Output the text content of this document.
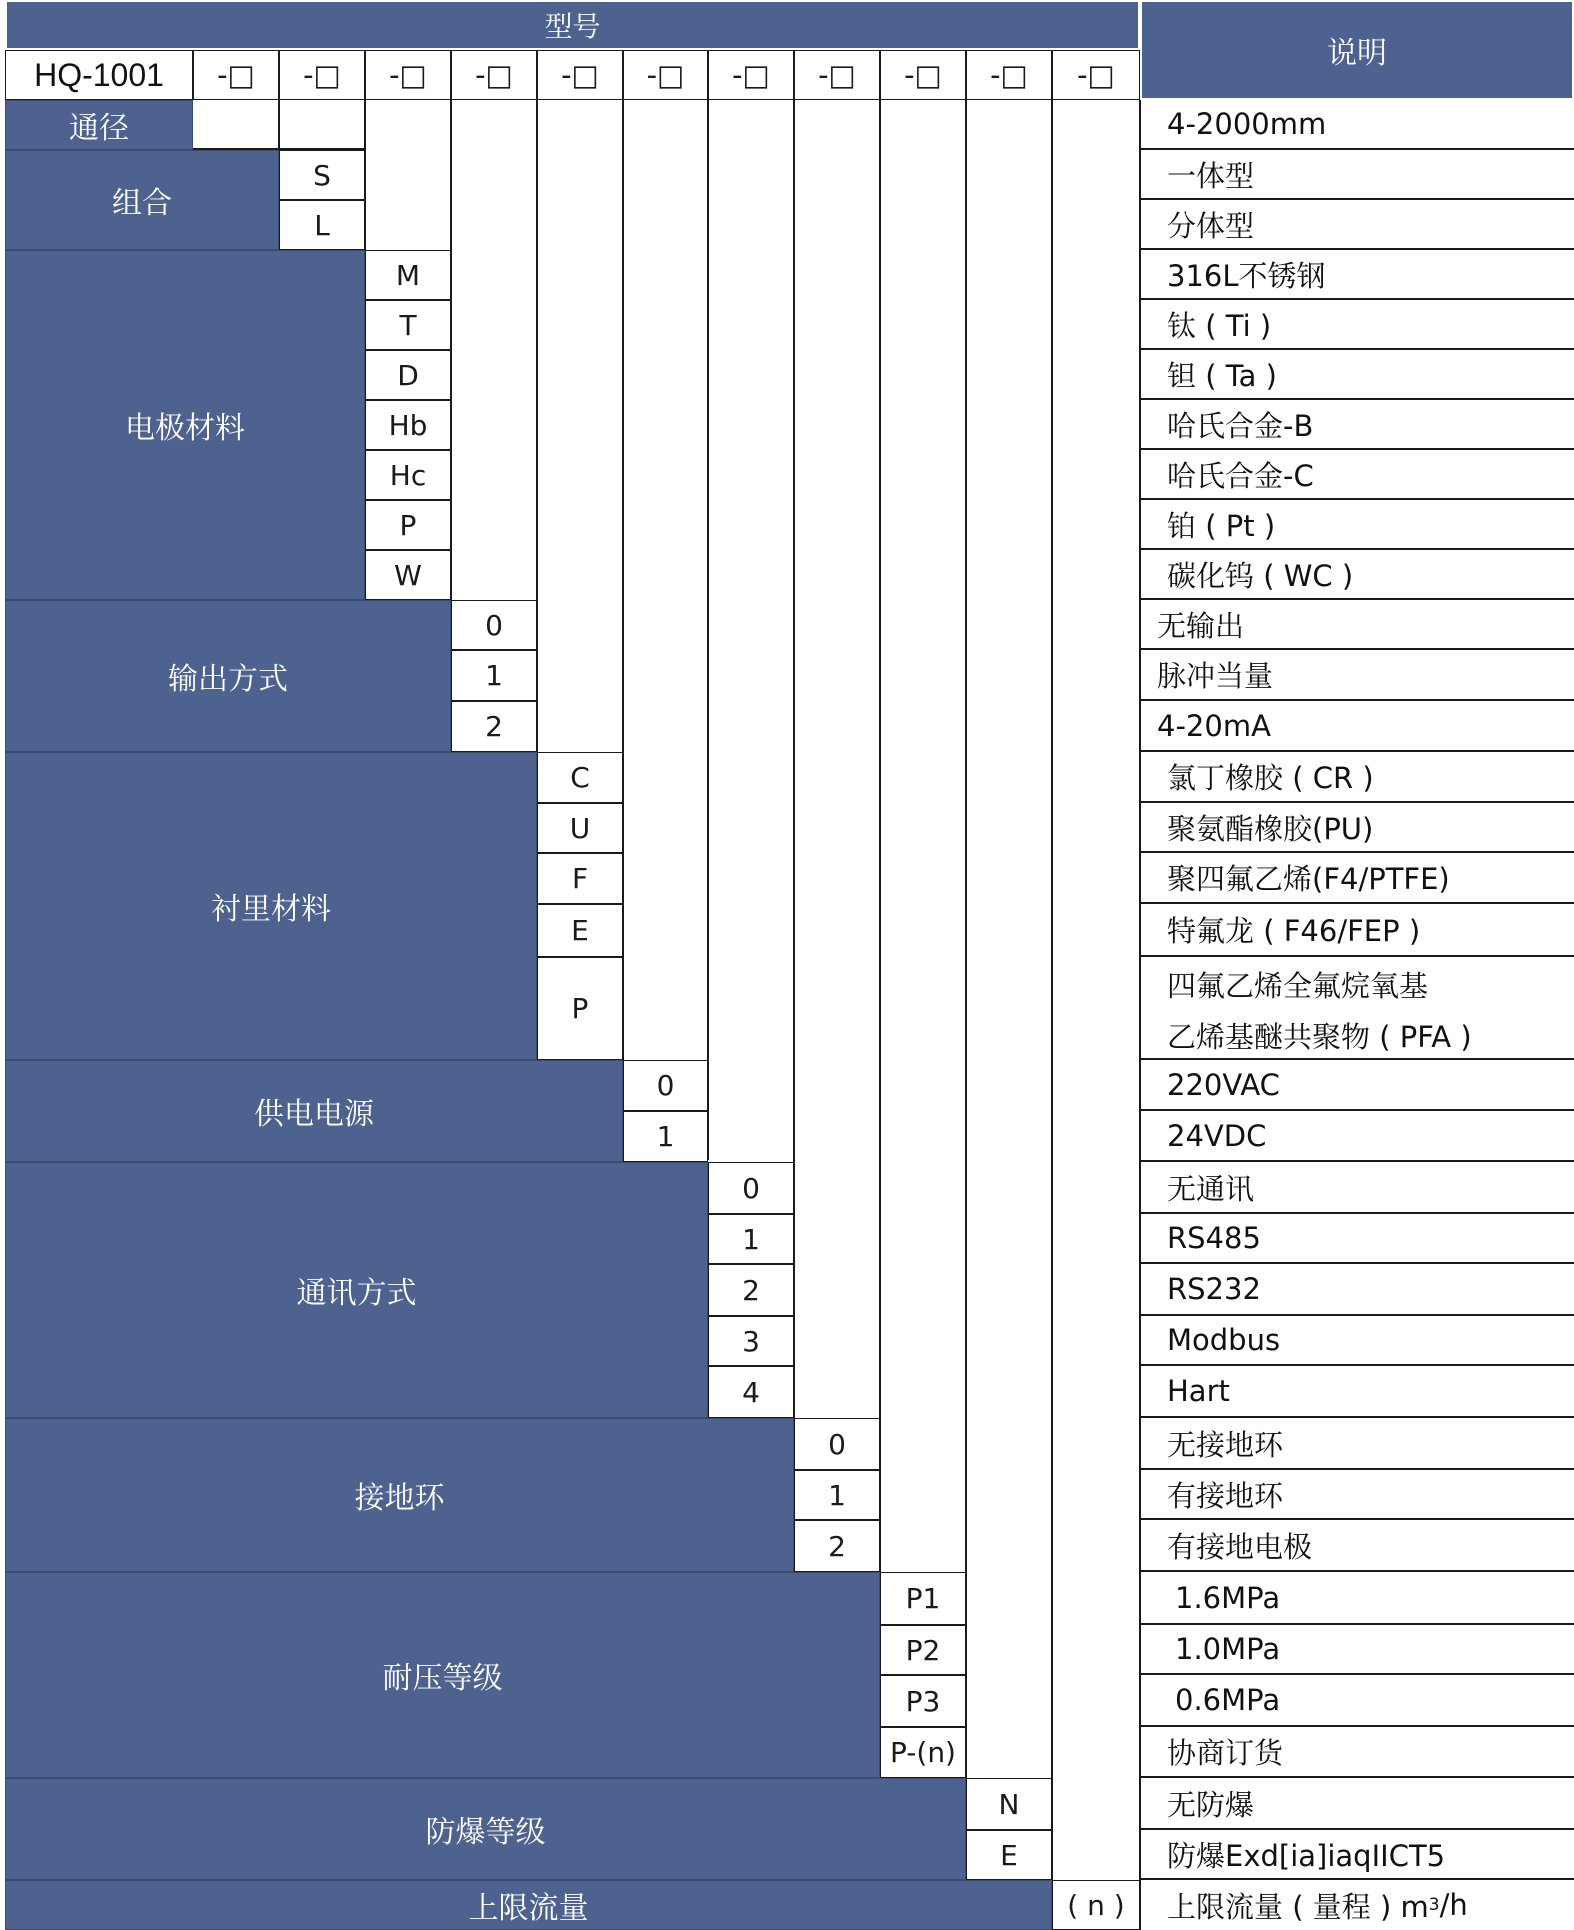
型号
说明
HQ-1001 -□ -□ -□ -□ -□ -□ -□ -□ -□ -□ -□
通径
组合
S
L
电极材料
M
T
D
Hb
Hc
P
W
输出方式
0
1
2
衬里材料
C
U
F
E
P
供电电源
0
1
通讯方式
0
1
2
3
4
接地环
0
1
2
耐压等级
P1
P2
P3
P-(n)
防爆等级
N
E
上限流量	( n )
4-2000mm
一体型
分体型
316L不锈钢
钛 ( Ti )
钽 ( Ta )
哈氏合金-B
哈氏合金-C
铂 ( Pt )
碳化钨 ( WC )
无输出
脉冲当量
4-20mA
氯丁橡胶 ( CR )
聚氨酯橡胶(PU)
聚四氟乙烯(F4/PTFE)
特氟龙 ( F46/FEP )
四氟乙烯全氟烷氧基
乙烯基醚共聚物 ( PFA )
220VAC
24VDC
无通讯
RS485
RS232
Modbus
Hart
无接地环
有接地环
有接地电极
1.6MPa
1.0MPa
0.6MPa
协商订货
无防爆
防爆Exd[ia]iaqIICT5
上限流量 ( 量程 ) m 3 /h
